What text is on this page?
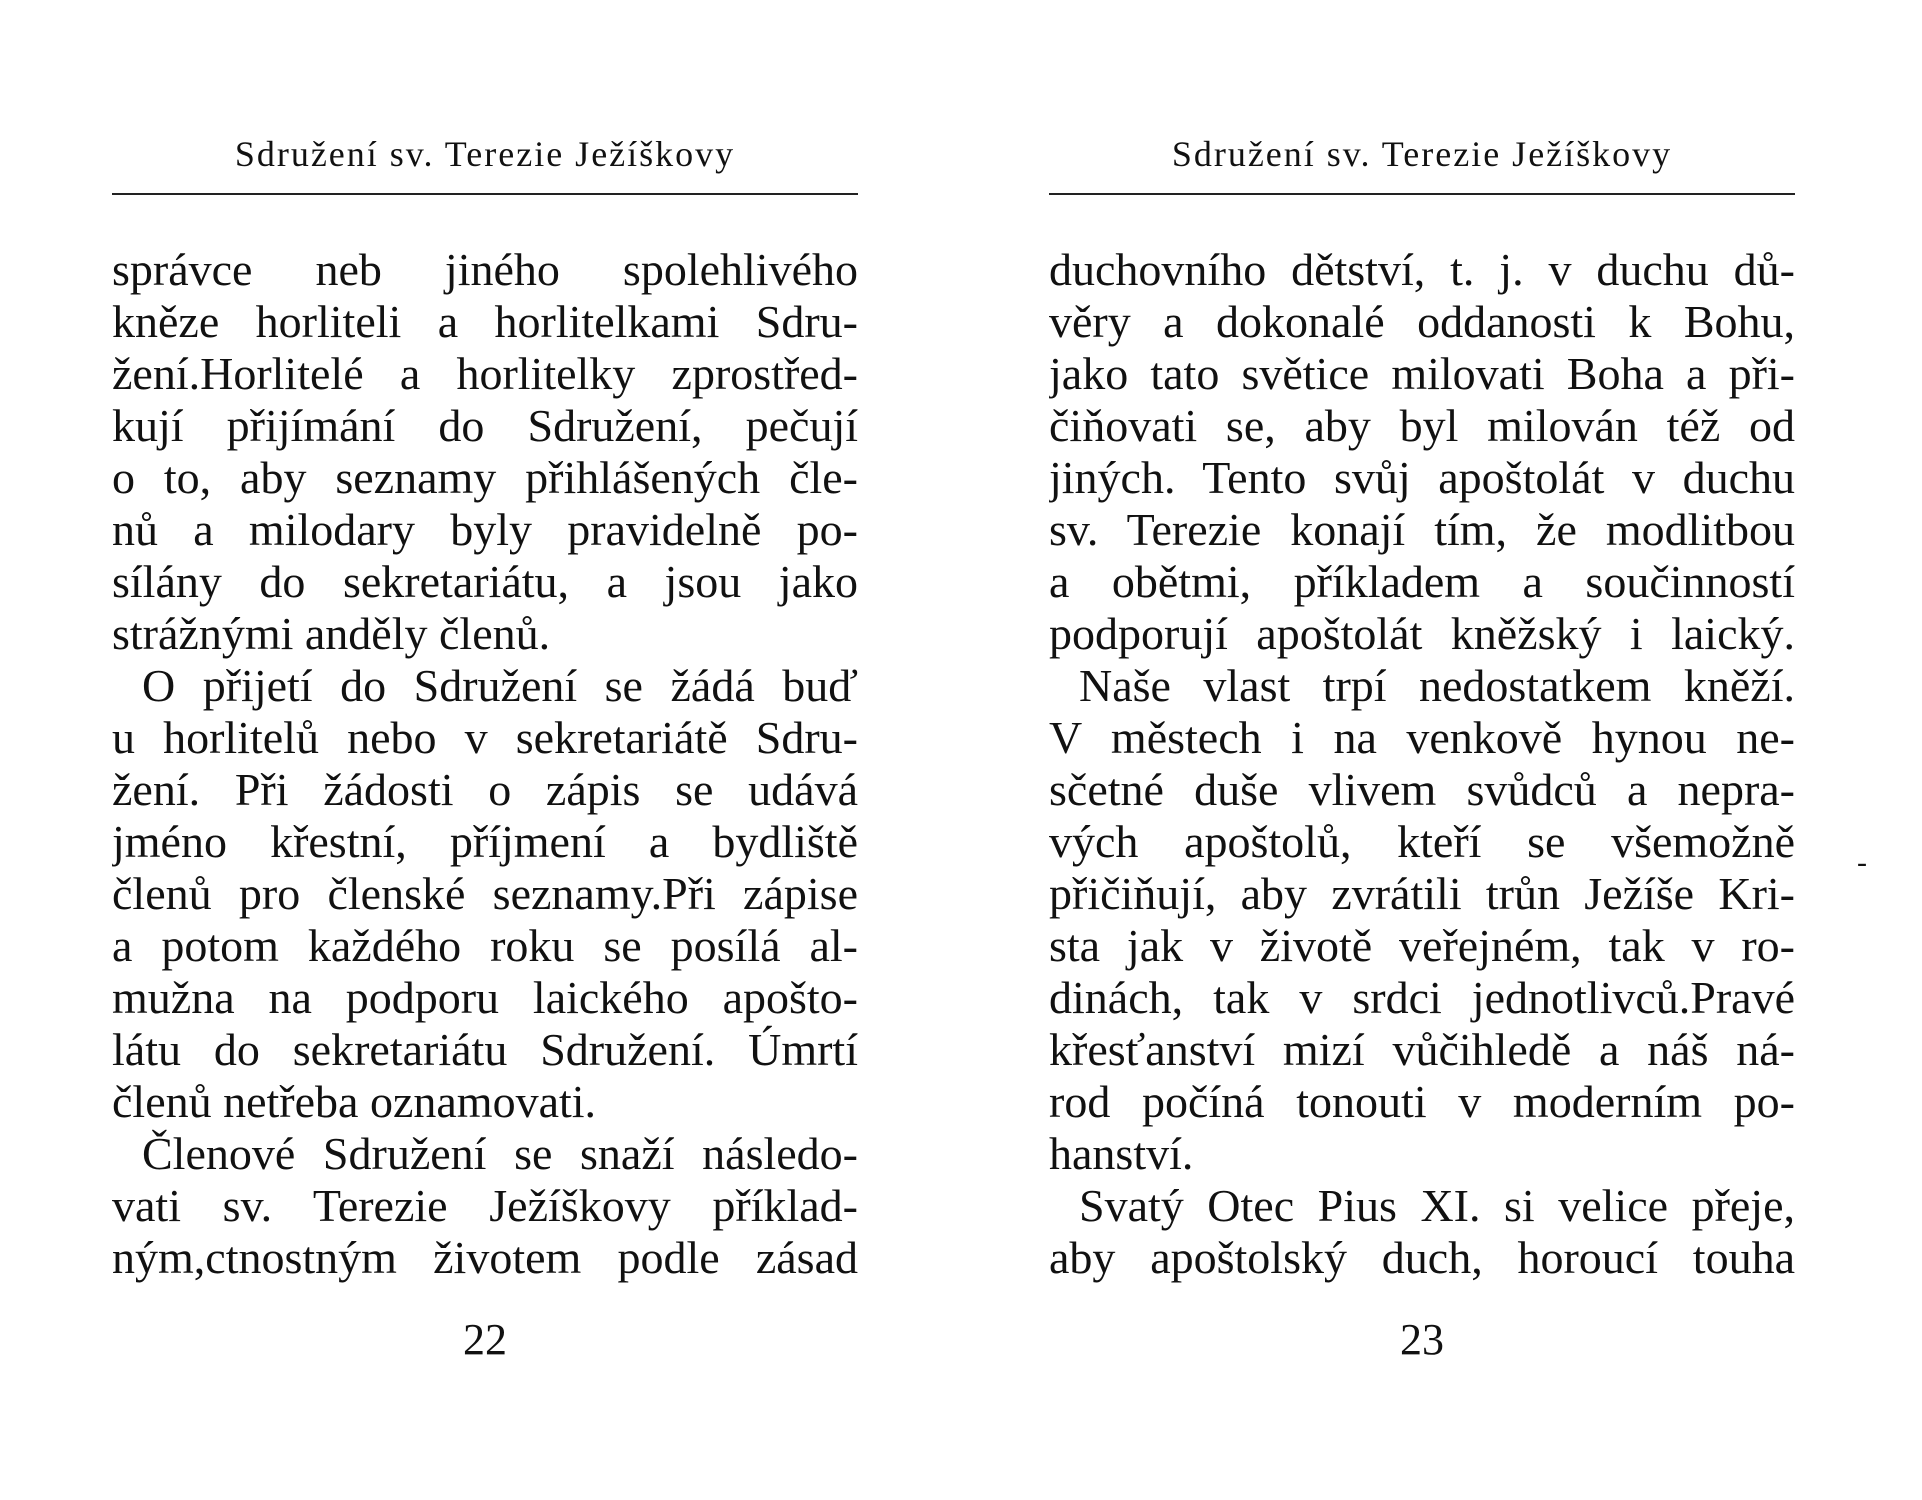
Sdružení sv. Terezie Ježíškovy
správce neb jiného spolehlivého
kněze horliteli a horlitelkami Sdru-
žení.Horlitelé a horlitelky zprostřed-
kují přijímání do Sdružení, pečují
o to, aby seznamy přihlášených čle-
nů a milodary byly pravidelně po-
sílány do sekretariátu, a jsou jako
strážnými anděly členů.
O přijetí do Sdružení se žádá buď
u horlitelů nebo v sekretariátě Sdru-
žení. Při žádosti o zápis se udává
jméno křestní, příjmení a bydliště
členů pro členské seznamy.Při zápise
a potom každého roku se posílá al-
mužna na podporu laického apošto-
látu do sekretariátu Sdružení. Úmrtí
členů netřeba oznamovati.
Členové Sdružení se snaží následo-
vati sv. Terezie Ježíškovy příklad-
ným,ctnostným životem podle zásad
22
Sdružení sv. Terezie Ježíškovy
duchovního dětství, t. j. v duchu dů-
věry a dokonalé oddanosti k Bohu,
jako tato světice milovati Boha a při-
čiňovati se, aby byl milován též od
jiných. Tento svůj apoštolát v duchu
sv. Terezie konají tím, že modlitbou
a obětmi, příkladem a součinností
podporují apoštolát kněžský i laický.
Naše vlast trpí nedostatkem kněží.
V městech i na venkově hynou ne-
sčetné duše vlivem svůdců a nepra-
vých apoštolů, kteří se všemožně
přičiňují, aby zvrátili trůn Ježíše Kri-
sta jak v životě veřejném, tak v ro-
dinách, tak v srdci jednotlivců.Pravé
křesťanství mizí vůčihledě a náš ná-
rod počíná tonouti v moderním po-
hanství.
Svatý Otec Pius XI. si velice přeje,
aby apoštolský duch, horoucí touha
23
-
